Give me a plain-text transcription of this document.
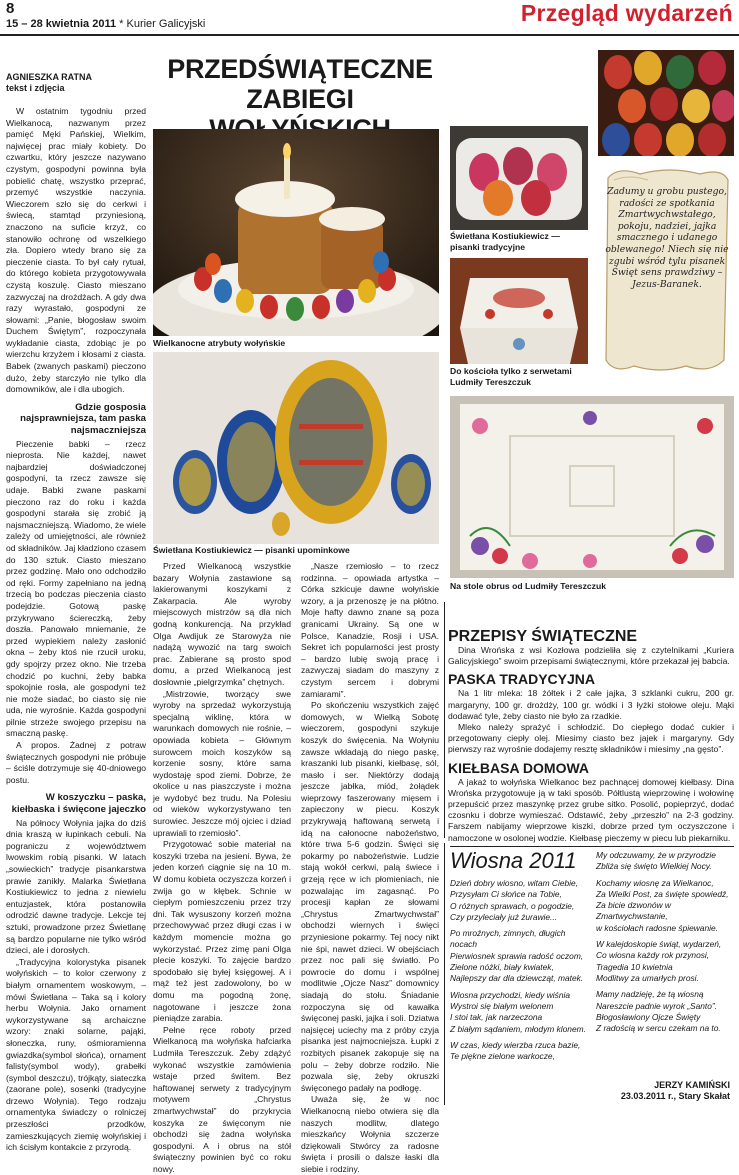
8
15 – 28 kwietnia 2011 * Kurier Galicyjski	Przegląd wydarzeń
PRZEDŚWIĄTECZNE ZABIEGI
AGNIESZKA RATNA
tekst i zdjęcia

W ostatnim tygodniu przed Wielkanocą, nazwanym przez pamięć Męki Pańskiej, Wielkim, najwięcej prac miały kobiety. Do czwartku, który jeszcze nazywano czystym, gospodyni powinna była pobielić chatę, wszystko przeprać, przemyć wszystkie naczynia. Wieczorem szło się do cerkwi i świecą, stamtąd przyniesioną, znaczono na suficie krzyż, co stanowiło ochronę od wszelkiego zła. Dopiero wtedy brano się za pieczenie ciasta. To był cały rytuał, do którego kobieta przygotowywała czystą koszulę. Ciasto mieszano zazwyczaj na drożdżach. A gdy dwa razy wyrastało, gospodyni ze słowami: „Panie, błogosław swoim Duchem Świętym”, rozpoczynała wykładanie ciasta, zdobiąc je po wierzchu krzyżem i kłosami z ciasta. Babek (zwanych paskami) pieczono dużo, żeby starczyło nie tylko dla domowników, ale i dla ubogich.

Gdzie gosposia najsprawniejsza, tam paska najsmaczniejsza

Pieczenie babki – rzecz nieprosta. Nie każdej, nawet najbardziej doświadczonej gospodyni, ta rzecz zawsze się udaje. Babki zwane paskami pieczono raz do roku i każda gospodyni starała się zrobić ją najsmaczniejszą. Wiadomo, że wiele zależy od umiejętności, ale również od składników. Jaj kładziono czasem do 130 sztuk. Ciasto mieszano przez godzinę. Mało ono odchodziło od ręki. Formy zapełniano na jedną trzecią bo podczas pieczenia ciasto podejdzie. Gotową paskę przykrywano ściereczką, żeby doszła. Panowało mniemanie, że przed wypiekiem należy zasłonić okna – żeby ktoś nie rzucił uroku, gdy spojrzy przez okno. Nie trzeba chodzić po kuchni, żeby babka spokojnie rosła, ale gospodyni też nie może siadać, bo ciasto się nie uda, nie wyrośnie. Każda gospodyni pilnie strzeże swojego przepisu na smaczną paskę.

A propos. Żadnej z potraw świątecznych gospodyni nie próbuje – ściśle dotrzymuje się 40-dniowego postu.

W koszyczku – paska, kiełbaska i święcone jajeczko

Na północy Wołynia jajka do dziś dnia kraszą w łupinkach cebuli. Na pograniczu z województwem lwowskim robią pisanki. W latach „sowieckich” tradycje pisankarstwa prawie zanikły. Malarka Świetłana Kostiukiewicz to jedna z niewielu entuzjastek, która postanowiła odrodzić dawne tradycje. Lekcje tej sztuki, prowadzone przez Świetlanę są bardzo popularne nie tylko wśród dzieci, ale i dorosłych.

„Tradycyjna kolorystyka pisanek wołyńskich – to kolor czerwony z białym ornamentem woskowym, – mówi Świetłana – Taka są i kolory herbu Wołynia. Jako ornament wykorzystywane są archaiczne wzory: znaki solarne, pająki, słoneczka, runy, ośmioramienna gwiazdka(symbol słońca), ornament falisty(symbol wody), grabełki (symbol deszczu), trójkąty, siateczka (zaorane pole), sosenki (tradycyjne drzewo Wołynia). Tego rodzaju ornamentyka świadczy o rolniczej przeszłości przodków, zamieszkujących ziemię wołyńskiej i ich ścisłym kontakcie z przyrodą.

Wielkanocne atrybuty wołyńskie
Świetłana Kostiukiewicz — pisanki upominkowe

Przed Wielkanocą wszystkie bazary Wołynia zastawione są lakierowanymi koszykami z Zakarpacia. Ale wyroby miejscowych mistrzów są dla nich godną konkurencją. Na przykład Olga Awdijuk ze Starowyża nie nadążą wywozić na targ swoich prac. Zabierane są prosto spod domu, a przed Wielkanocą jest dosłownie „pielgrzymka” chętnych.

„Mistrzowie, tworzący swe wyroby na sprzedaż wykorzystują specjalną wiklinę, która w warunkach domowych nie rośnie, – opowiada kobieta – Głównym surowcem moich koszyków są korzenie sosny, które sama wydostaję spod ziemi. Dobrze, że okolice u nas piaszczyste i można je wydobyć bez trudu. Na Polesiu od wieków wykorzystywano ten surowiec. Jeszcze mój ojciec i dziad uprawiali to rzemiosło”.

Przygotować sobie materiał na koszyki trzeba na jesieni. Bywa, że jeden korzeń ciągnie się na 10 m. W domu kobieta oczyszcza korzeń i zwija go w kłębek. Schnie w ciepłym pomieszczeniu przez trzy dni. Tak wysuszony korzeń można przechowywać przez długi czas i w każdym momencie można go wykorzystać. Przez zimę pani Olga plecie koszyki. To zajęcie bardzo spodobało się byłej księgowej. A i mąż też jest zadowolony, bo w domu ma pogodną żonę, nagotowane i jeszcze żona pieniądze zarabia.

Pełne ręce roboty przed Wielkanocą ma wołyńska hafciarka Ludmiła Tereszczuk. Żeby zdążyć wykonać wszystkie zamówienia wstaje przed świtem. Bez haftowanej serwety z tradycyjnym motywem „Chrystus zmartwychwstał” do przykrycia koszyka ze święconym nie obchodzi się żadna wołyńska gospodyni. A i obrus na stół świąteczny powinien być co roku nowy.

„Nasze rzemiosło – to rzecz rodzinna. – opowiada artystka – Córka szkicuje dawne wołyńskie wzory, a ja przenoszę je na płótno. Moje hafty dawno znane są poza granicami Ukrainy. Są one w Polsce, Kanadzie, Rosji i USA. Sekret ich popularności jest prosty – bardzo lubię swoją pracę i zazwyczaj siadam do maszyny z czystym sercem i dobrymi zamiarami”.

Po skończeniu wszystkich zajęć domowych, w Wielką Sobotę wieczorem, gospodyni szykuje koszyk do święcenia. Na Wołyniu zawsze wkładają do niego paskę, kraszanki lub pisanki, kiełbasę, sól, masło i ser. Niektórzy dodają jeszcze jabłka, miód, żołądek wieprzowy faszerowany mięsem i zapieczony w piecu. Koszyk przykrywają haftowaną serwetą i idą na całonocne nabożeństwo, które trwa 5-6 godzin. Święci się pokarmy po nabożeństwie. Ludzie stają wokół cerkwi, palą świece i grzeją ręce w ich płomieniach, nie pozwalając im zagasnąć. Po procesji kapłan ze słowami „Chrystus Zmartwychwstał” obchodzi wiernych i święci przyniesione pokarmy. Tej nocy nikt nie śpi, nawet dzieci. W obejściach przez noc pali się światło. Po powrocie do domu i wspólnej modlitwie „Ojcze Nasz” domownicy siadają do stołu. Śniadanie rozpoczyna się od kawałka święconej paski, jajka i soli. Dziatwa najsięcej uciechy ma z próby czyja pisanka jest najmocniejsza. Łupki z rozbitych pisanek zakopuje się na polu – żeby dobrze rodziło. Nie pozwala się, żeby okruszki święconego padały na podłogę.

Uważa się, że w noc Wielkanocną niebo otwiera się dla naszych modlitw, dlatego mieszkańcy Wołynia szczerze dziękowali Stwórcy za radosne święta i prosili o dalsze łaski dla siebie i rodziny.

Świetłana Kostiukiewicz — pisanki tradycyjne
Do kościoła tylko z serwetami Ludmiły Tereszczuk
Zadumy u grobu pustego, radości ze spotkania Zmartwychwstałego, pokoju, nadziei, jajka smacznego i udanego oblewanego! Niech się nie zgubi wśród tylu pisanek Święt sens prawdziwy – Jezus-Baranek.
Na stole obrus od Ludmiły Tereszczuk
PRZEPISY ŚWIĄTECZNE

Dina Wrońska z wsi Kozłowa podzieliła się z czytelnikami „Kuriera Galicyjskiego” swoim przepisami świątecznymi, które przekazał jej babcia.

PASKA TRADYCYJNA

Na 1 litr mleka: 18 żółtek i 2 całe jajka, 3 szklanki cukru, 200 gr. margaryny, 100 gr. drożdży, 100 gr. wódki i 3 łyżki stołowe oleju. Mąki dodawać tyle, żeby ciasto nie było za rzadkie.

Mleko należy sprażyć i schłodzić. Do ciepłego dodać cukier i przegotowany ciepły olej. Miesimy ciasto bez jajek i margaryny. Gdy pierwszy raz wyrośnie dodajemy resztę składników i miesimy „na gęsto”.

KIEŁBASA DOMOWA

A jakaż to wołyńska Wielkanoc bez pachnącej domowej kiełbasy. Dina Wrońska przygotowuje ją w taki sposób. Półtlustą wieprzowinę i wołowinę przepuścić przez maszynkę przez grube sitko. Posolić, popieprzyć, dodać czosnku i dobrze wymieszać. Odstawić, żeby „przeszło” na 2-3 godziny. Farszem nabijamy wieprzowe kiszki, dobrze przed tym oczyszczone i namoczone w osolonej wodzie. Kiełbasę pieczemy w piecu lub piekarniku.

Wiosna 2011
Dzień dobry wiosno, witam Ciebie,
Przysyłam Ci słońce na Tobie,
O różnych sprawach, o pogodzie,
Czy przyleciały już żurawie...
Po mroźnych, zimnych, długich nocach
Pierwiosnek sprawia radość oczom,
Zielone nóżki, biały kwiatek,
Najlepszy dar dla dziewcząt, matek.
Wiosna przychodzi, kiedy wiśnia
Wystroi się białym welonem
I stoi tak, jak narzeczona
Z białym sądaniem, młodym klonem.
W czas, kiedy wierzba rzuca bazie,
Te piękne zielone warkocze,
My odczuwamy, że w przyrodzie
Zbliża się święto Wielkiej Nocy.
Kochamy wiosnę za Wielkanoc,
Za Wielki Post, za święte spowiedź,
Za bicie dzwonów w Zmartwychwstanie,
w kościołach radosne śpiewanie.
W kalejdoskopie świąt, wydarzeń,
Co wiosna każdy rok przynosi,
Tragedia 10 kwietnia
Modlitwy za umarłych prosi.
Mamy nadzieję, że tą wiosną
Nareszcie padnie wyrok „Santo”.
Błogosławiony Ojcze Święty
Z radością w sercu czekam na to.
JERZY KAMIŃSKI
23.03.2011 r., Stary Skałat
